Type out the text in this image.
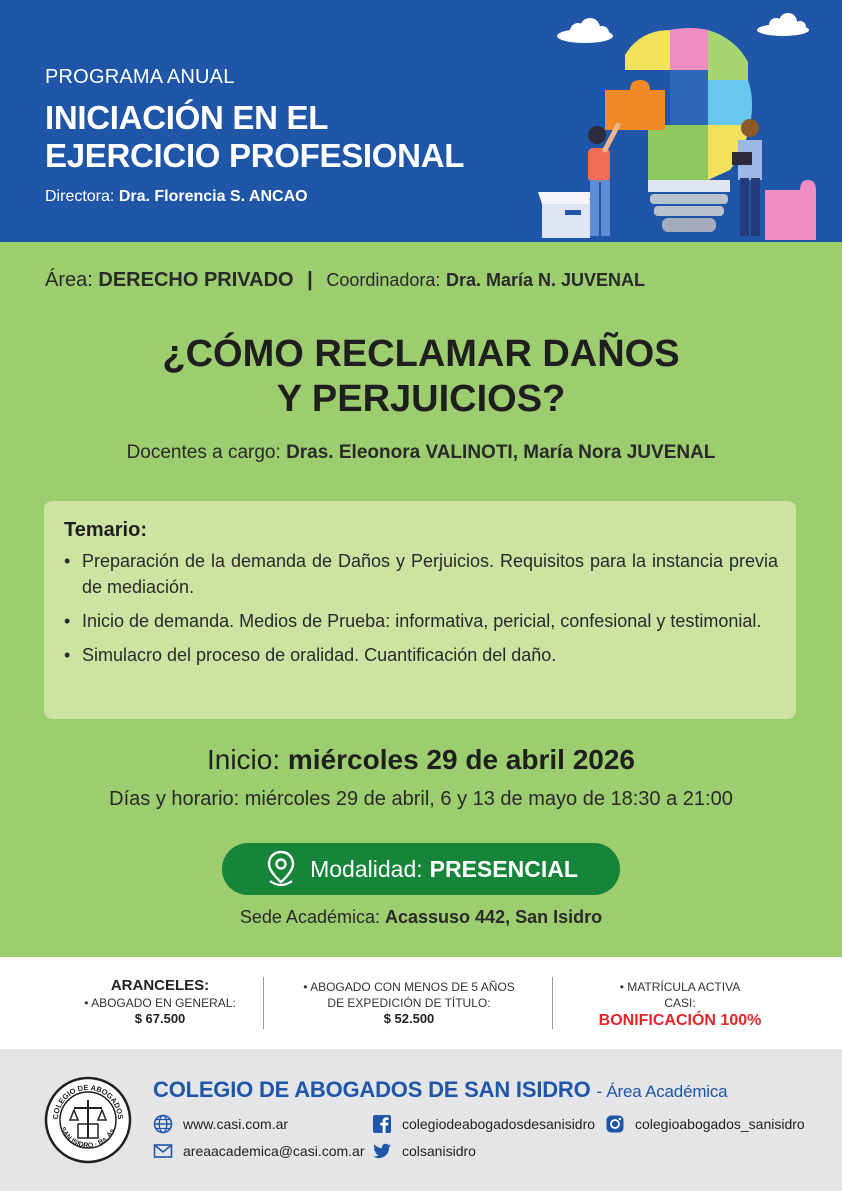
PROGRAMA ANUAL
INICIACIÓN EN EL
EJERCICIO PROFESIONAL
Directora: Dra. Florencia S. ANCAO
Área: DERECHO PRIVADO | Coordinadora: Dra. María N. JUVENAL
¿CÓMO RECLAMAR DAÑOS
Y PERJUICIOS?
Docentes a cargo: Dras. Eleonora VALINOTI, María Nora JUVENAL
Temario:
• Preparación de la demanda de Daños y Perjuicios. Requisitos para la instancia previa de mediación.
• Inicio de demanda. Medios de Prueba: informativa, pericial, confesional y testimonial.
• Simulacro del proceso de oralidad. Cuantificación del daño.
Inicio: miércoles 29 de abril 2026
Días y horario: miércoles 29 de abril, 6 y 13 de mayo de 18:30 a 21:00
Modalidad: PRESENCIAL
Sede Académica: Acassuso 442, San Isidro
ARANCELES:
• ABOGADO EN GENERAL:
$ 67.500
• ABOGADO CON MENOS DE 5 AÑOS
DE EXPEDICIÓN DE TÍTULO:
$ 52.500
• MATRÍCULA ACTIVA
CASI:
BONIFICACIÓN 100%
COLEGIO DE ABOGADOS
SAN ISIDRO · Bs. As.
COLEGIO DE ABOGADOS DE SAN ISIDRO - Área Académica
www.casi.com.ar
areaacademica@casi.com.ar
colegiodeabogadosdesanisidro
colsanisidro
colegioabogados_sanisidro
